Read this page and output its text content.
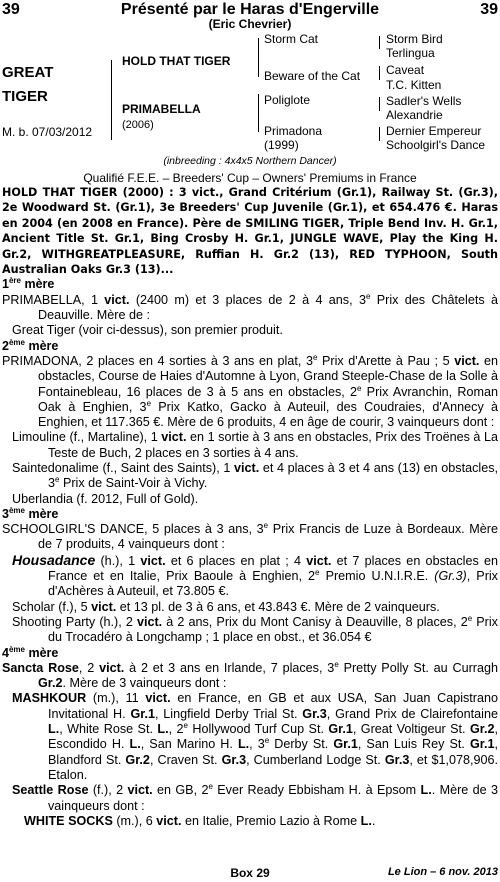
39	Présenté par le Haras d'Engerville	39
(Eric Chevrier)
GREAT
TIGER
M. b. 07/03/2012
HOLD THAT TIGER
PRIMABELLA
(2006)
Storm Cat
Beware of the Cat
Poliglote
Primadona
(1999)
Storm Bird
Terlingua
Caveat
T.C. Kitten
Sadler's Wells
Alexandrie
Dernier Empereur
Schoolgirl's Dance
(inbreeding : 4x4x5 Northern Dancer)
Qualifié F.E.E. – Breeders' Cup – Owners' Premiums in France

HOLD THAT TIGER (2000) : 3 vict., Grand Critérium (Gr.1), Railway St. (Gr.3), 2e Woodward St. (Gr.1), 3e Breeders' Cup Juvenile (Gr.1), et 654.476 €. Haras en 2004 (en 2008 en France). Père de SMILING TIGER, Triple Bend Inv. H. Gr.1, Ancient Title St. Gr.1, Bing Crosby H. Gr.1, JUNGLE WAVE, Play the King H. Gr.2, WITHGREATPLEASURE, Ruffian H. Gr.2 (13), RED TYPHOON, South Australian Oaks Gr.3 (13)...

1ère mère

PRIMABELLA, 1 vict. (2400 m) et 3 places de 2 à 4 ans, 3e Prix des Châtelets à Deauville. Mère de :

Great Tiger (voir ci-dessus), son premier produit.

2ème mère

PRIMADONA, 2 places en 4 sorties à 3 ans en plat, 3e Prix d'Arette à Pau ; 5 vict. en obstacles, Course de Haies d'Automne à Lyon, Grand Steeple-Chase de la Solle à Fontainebleau, 16 places de 3 à 5 ans en obstacles, 2e Prix Avranchin, Roman Oak à Enghien, 3e Prix Katko, Gacko à Auteuil, des Coudraies, d'Annecy à Enghien, et 117.365 €. Mère de 6 produits, 4 en âge de courir, 3 vainqueurs dont :

Limouline (f., Martaline), 1 vict. en 1 sortie à 3 ans en obstacles, Prix des Troënes à La Teste de Buch, 2 places en 3 sorties à 4 ans.

Saintedonalime (f., Saint des Saints), 1 vict. et 4 places à 3 et 4 ans (13) en obstacles, 3e Prix de Saint-Voir à Vichy.

Uberlandia (f. 2012, Full of Gold).

3ème mère

SCHOOLGIRL'S DANCE, 5 places à 3 ans, 3e Prix Francis de Luze à Bordeaux. Mère de 7 produits, 4 vainqueurs dont :

Housadance (h.), 1 vict. et 6 places en plat ; 4 vict. et 7 places en obstacles en France et en Italie, Prix Baoule à Enghien, 2e Premio U.N.I.R.E. (Gr.3), Prix d'Achères à Auteuil, et 73.805 €.

Scholar (f.), 5 vict. et 13 pl. de 3 à 6 ans, et 43.843 €. Mère de 2 vainqueurs.

Shooting Party (h.), 2 vict. à 2 ans, Prix du Mont Canisy à Deauville, 8 places, 2e Prix du Trocadéro à Longchamp ; 1 place en obst., et 36.054 €

4ème mère

Sancta Rose, 2 vict. à 2 et 3 ans en Irlande, 7 places, 3e Pretty Polly St. au Curragh Gr.2. Mère de 3 vainqueurs dont :

MASHKOUR (m.), 11 vict. en France, en GB et aux USA, San Juan Capistrano Invitational H. Gr.1, Lingfield Derby Trial St. Gr.3, Grand Prix de Clairefontaine L., White Rose St. L., 2e Hollywood Turf Cup St. Gr.1, Great Voltigeur St. Gr.2, Escondido H. L., San Marino H. L., 3e Derby St. Gr.1, San Luis Rey St. Gr.1, Blandford St. Gr.2, Craven St. Gr.3, Cumberland Lodge St. Gr.3, et $1,078,906. Etalon.

Seattle Rose (f.), 2 vict. en GB, 2e Ever Ready Ebbisham H. à Epsom L.. Mère de 3 vainqueurs dont :

WHITE SOCKS (m.), 6 vict. en Italie, Premio Lazio à Rome L..

Box 29	Le Lion – 6 nov. 2013
